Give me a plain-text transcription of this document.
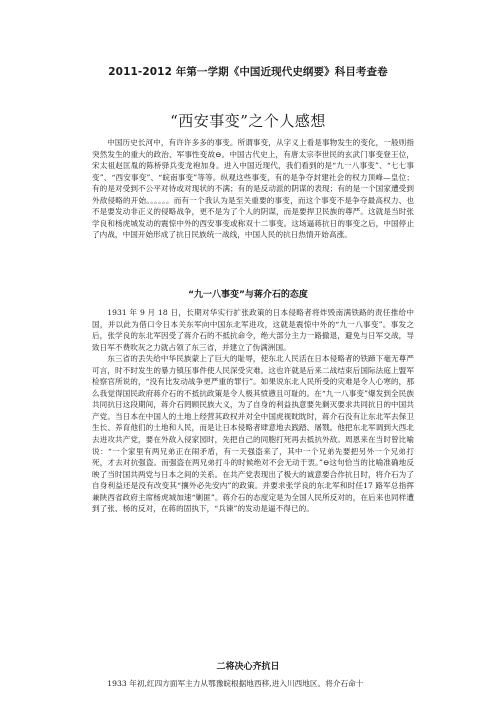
2011-2012 年第一学期《中国近现代史纲要》科目考查卷
“西安事变”之个人感想

中国历史长河中，有许许多多的事变。所谓事变，从字义上看是事物发生的变化，一般则指突然发生的重大的政治、军事性变故⊖。中国古代史上，有唐太宗李世民的玄武门事变登王位，宋太祖赵匡胤的陈桥驿兵变龙袍加身。进入中国近现代，我们看到的是“九一八事变”、“七七事变”、“西安事变”、“皖南事变”等等。纵观这些事变，有的是争夺封建社会的权力顶峰—皇位；有的是对受到不公平对待或对现状的不满；有的是反动派的阴谋的表现；有的是一个国家遭受到外敌侵略的开始。。。。。。而有一个我认为是至关重要的事变，而这个事变不是争夺最高权力、也不是要发动非正义的侵略战争，更不是为了个人的阴谋，而是要捍卫民族的尊严。这就是当时张学良和杨虎城发动的震惊中外的西安事变或称双十二事变。这场逼蒋抗日的事变之后，中国停止了内战，中国开始形成了抗日民族统一战线，中国人民的抗日热情开始高涨。

“九一八事变”与蒋介石的态度

1931 年 9 月 18 日，长期对华实行扩张政策的日本侵略者将炸毁南满铁路的责任推给中国，并以此为借口令日本关东军向中国东北军进攻，这就是震惊中外的“九一八事变”。事发之后，张学良的东北军因受了蒋介石的不抵抗命令，绝大部分主力一路撤退，避免与日军交战，导致日军不费吹灰之力就占领了东三省，并建立了伪满洲国。

东三省的丢失给中华民族蒙上了巨大的耻辱，使东北人民活在日本侵略者的铁蹄下毫无尊严可言，时不时发生的暴力镇压事件使人民深受灾难。这也许就是后来二战结束后国际法庭上盟军检察官所说的，“没有比发动战争更严重的罪行”。如果说东北人民所受的灾难是令人心寒的，那么我觉得国民政府蒋介石的不抵抗政策是令人极其愤懑且可耻的。在“九一八事变”爆发到全民族共同抗日这段期间，蒋介石罔顾民族大义，为了自身的利益执意要先剿灭要求共同抗日的中国共产党。当日本在中国人的土地上经营其政权并对全中国虎视眈眈时，蒋介石没有让东北军去保卫生长、养育他们的土地和人民，而是让日本侵略者肆意地去践踏、屠戮。他把东北军调到大西北去进攻共产党，要在外敌入侵家园时，先把自己的同胞打死再去抵抗外敌。周恩来在当时曾比喻说：“一个家里有两兄弟正在闹矛盾，有一天强盗来了，其中一个兄弟先要把另外一个兄弟打死，才去对抗强盗。而强盗在两兄弟打斗的时候绝对不会无动于衷。”⊖这句恰当的比喻准确地反映了当时国共两党与日本之间的关系。在共产党表现出了极大的诚意要合作抗日时，将介石为了自身利益还是没有改变其“攘外必先安内”的政策。并要求张学良的东北军和时任17 路军总指挥兼陕西省政府主席杨虎城加速“剿匪”。蒋介石的态度定是为全国人民所反对的，在后来也同样遭到了张、杨的反对，在蒋的固执下，“兵谏”的发动是逼不得已的。

二将决心齐抗日

1933 年初,红四方面军主力从鄂豫皖根据地西移,进入川西地区。将介石命十
